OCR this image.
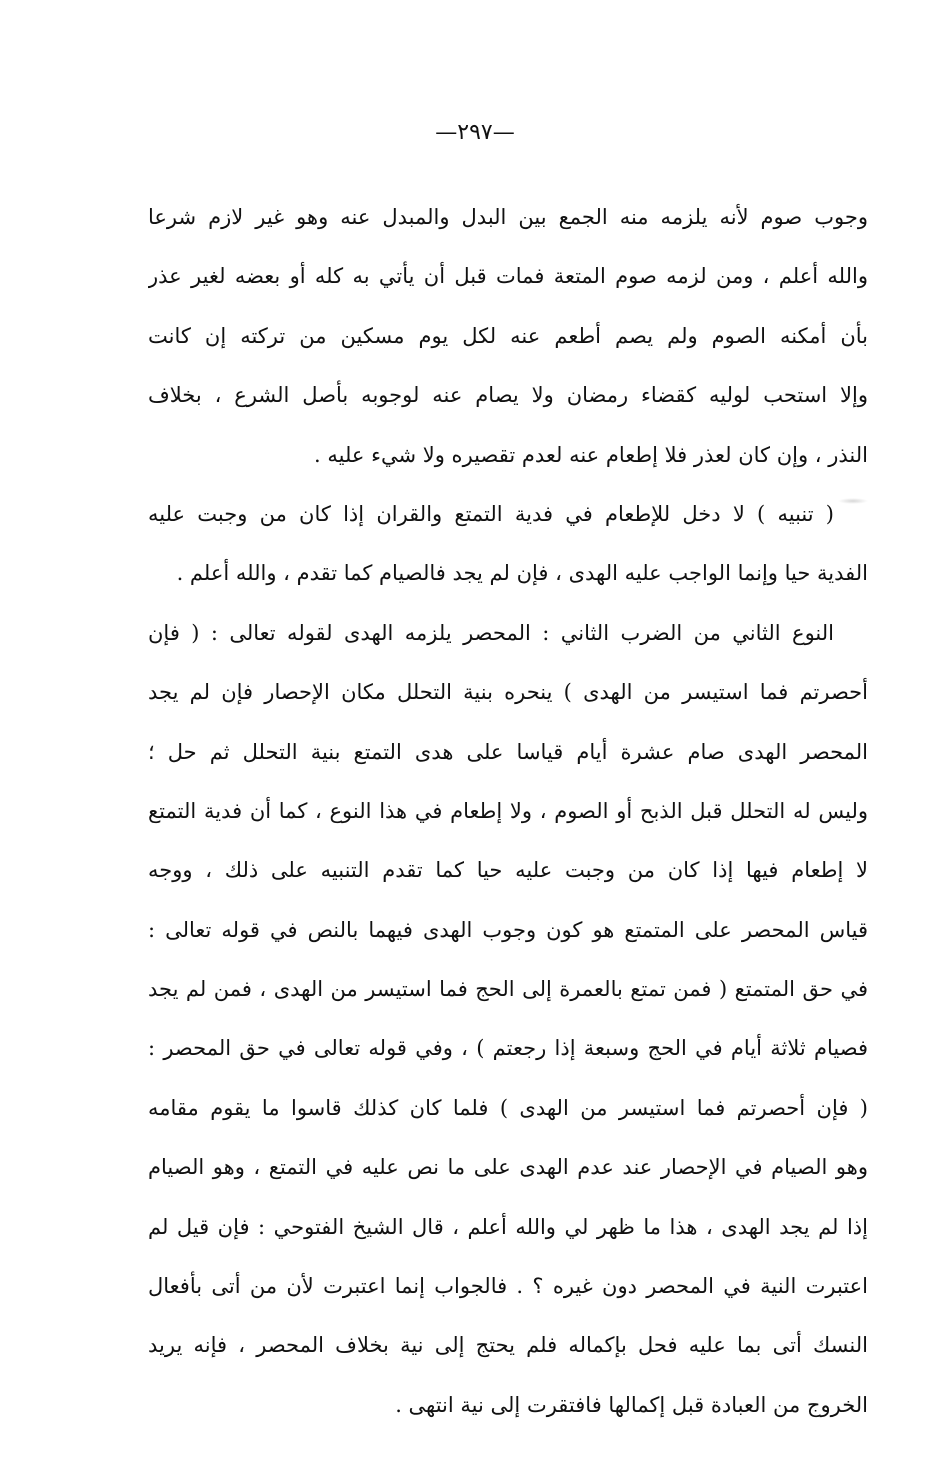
—٢٩٧—
وجوب صوم لأنه يلزمه منه الجمع بين البدل والمبدل عنه وهو غير لازم شرعا
والله أعلم ، ومن لزمه صوم المتعة فمات قبل أن يأتي به كله أو بعضه لغير عذر
بأن أمكنه الصوم ولم يصم أطعم عنه لكل يوم مسكين من تركته إن كانت
وإلا استحب لوليه كقضاء رمضان ولا يصام عنه لوجوبه بأصل الشرع ، بخلاف
النذر ، وإن كان لعذر فلا إطعام عنه لعدم تقصيره ولا شيء عليه .
( تنبيه ) لا دخل للإطعام في فدية التمتع والقران إذا كان من وجبت عليه
الفدية حيا وإنما الواجب عليه الهدى ، فإن لم يجد فالصيام كما تقدم ، والله أعلم .
النوع الثاني من الضرب الثاني : المحصر يلزمه الهدى لقوله تعالى : ( فإن
أحصرتم فما استيسر من الهدى ) ينحره بنية التحلل مكان الإحصار فإن لم يجد
المحصر الهدى صام عشرة أيام قياسا على هدى التمتع بنية التحلل ثم حل ؛
وليس له التحلل قبل الذبح أو الصوم ، ولا إطعام في هذا النوع ، كما أن فدية التمتع
لا إطعام فيها إذا كان من وجبت عليه حيا كما تقدم التنبيه على ذلك ، ووجه
قياس المحصر على المتمتع هو كون وجوب الهدى فيهما بالنص في قوله تعالى :
في حق المتمتع ( فمن تمتع بالعمرة إلى الحج فما استيسر من الهدى ، فمن لم يجد
فصيام ثلاثة أيام في الحج وسبعة إذا رجعتم ) ، وفي قوله تعالى في حق المحصر :
( فإن أحصرتم فما استيسر من الهدى ) فلما كان كذلك قاسوا ما يقوم مقامه
وهو الصيام في الإحصار عند عدم الهدى على ما نص عليه في التمتع ، وهو الصيام
إذا لم يجد الهدى ، هذا ما ظهر لي والله أعلم ، قال الشيخ الفتوحي : فإن قيل لم
اعتبرت النية في المحصر دون غيره ؟ . فالجواب إنما اعتبرت لأن من أتى بأفعال
النسك أتى بما عليه فحل بإكماله فلم يحتج إلى نية بخلاف المحصر ، فإنه يريد
الخروج من العبادة قبل إكمالها فافتقرت إلى نية انتهى .
